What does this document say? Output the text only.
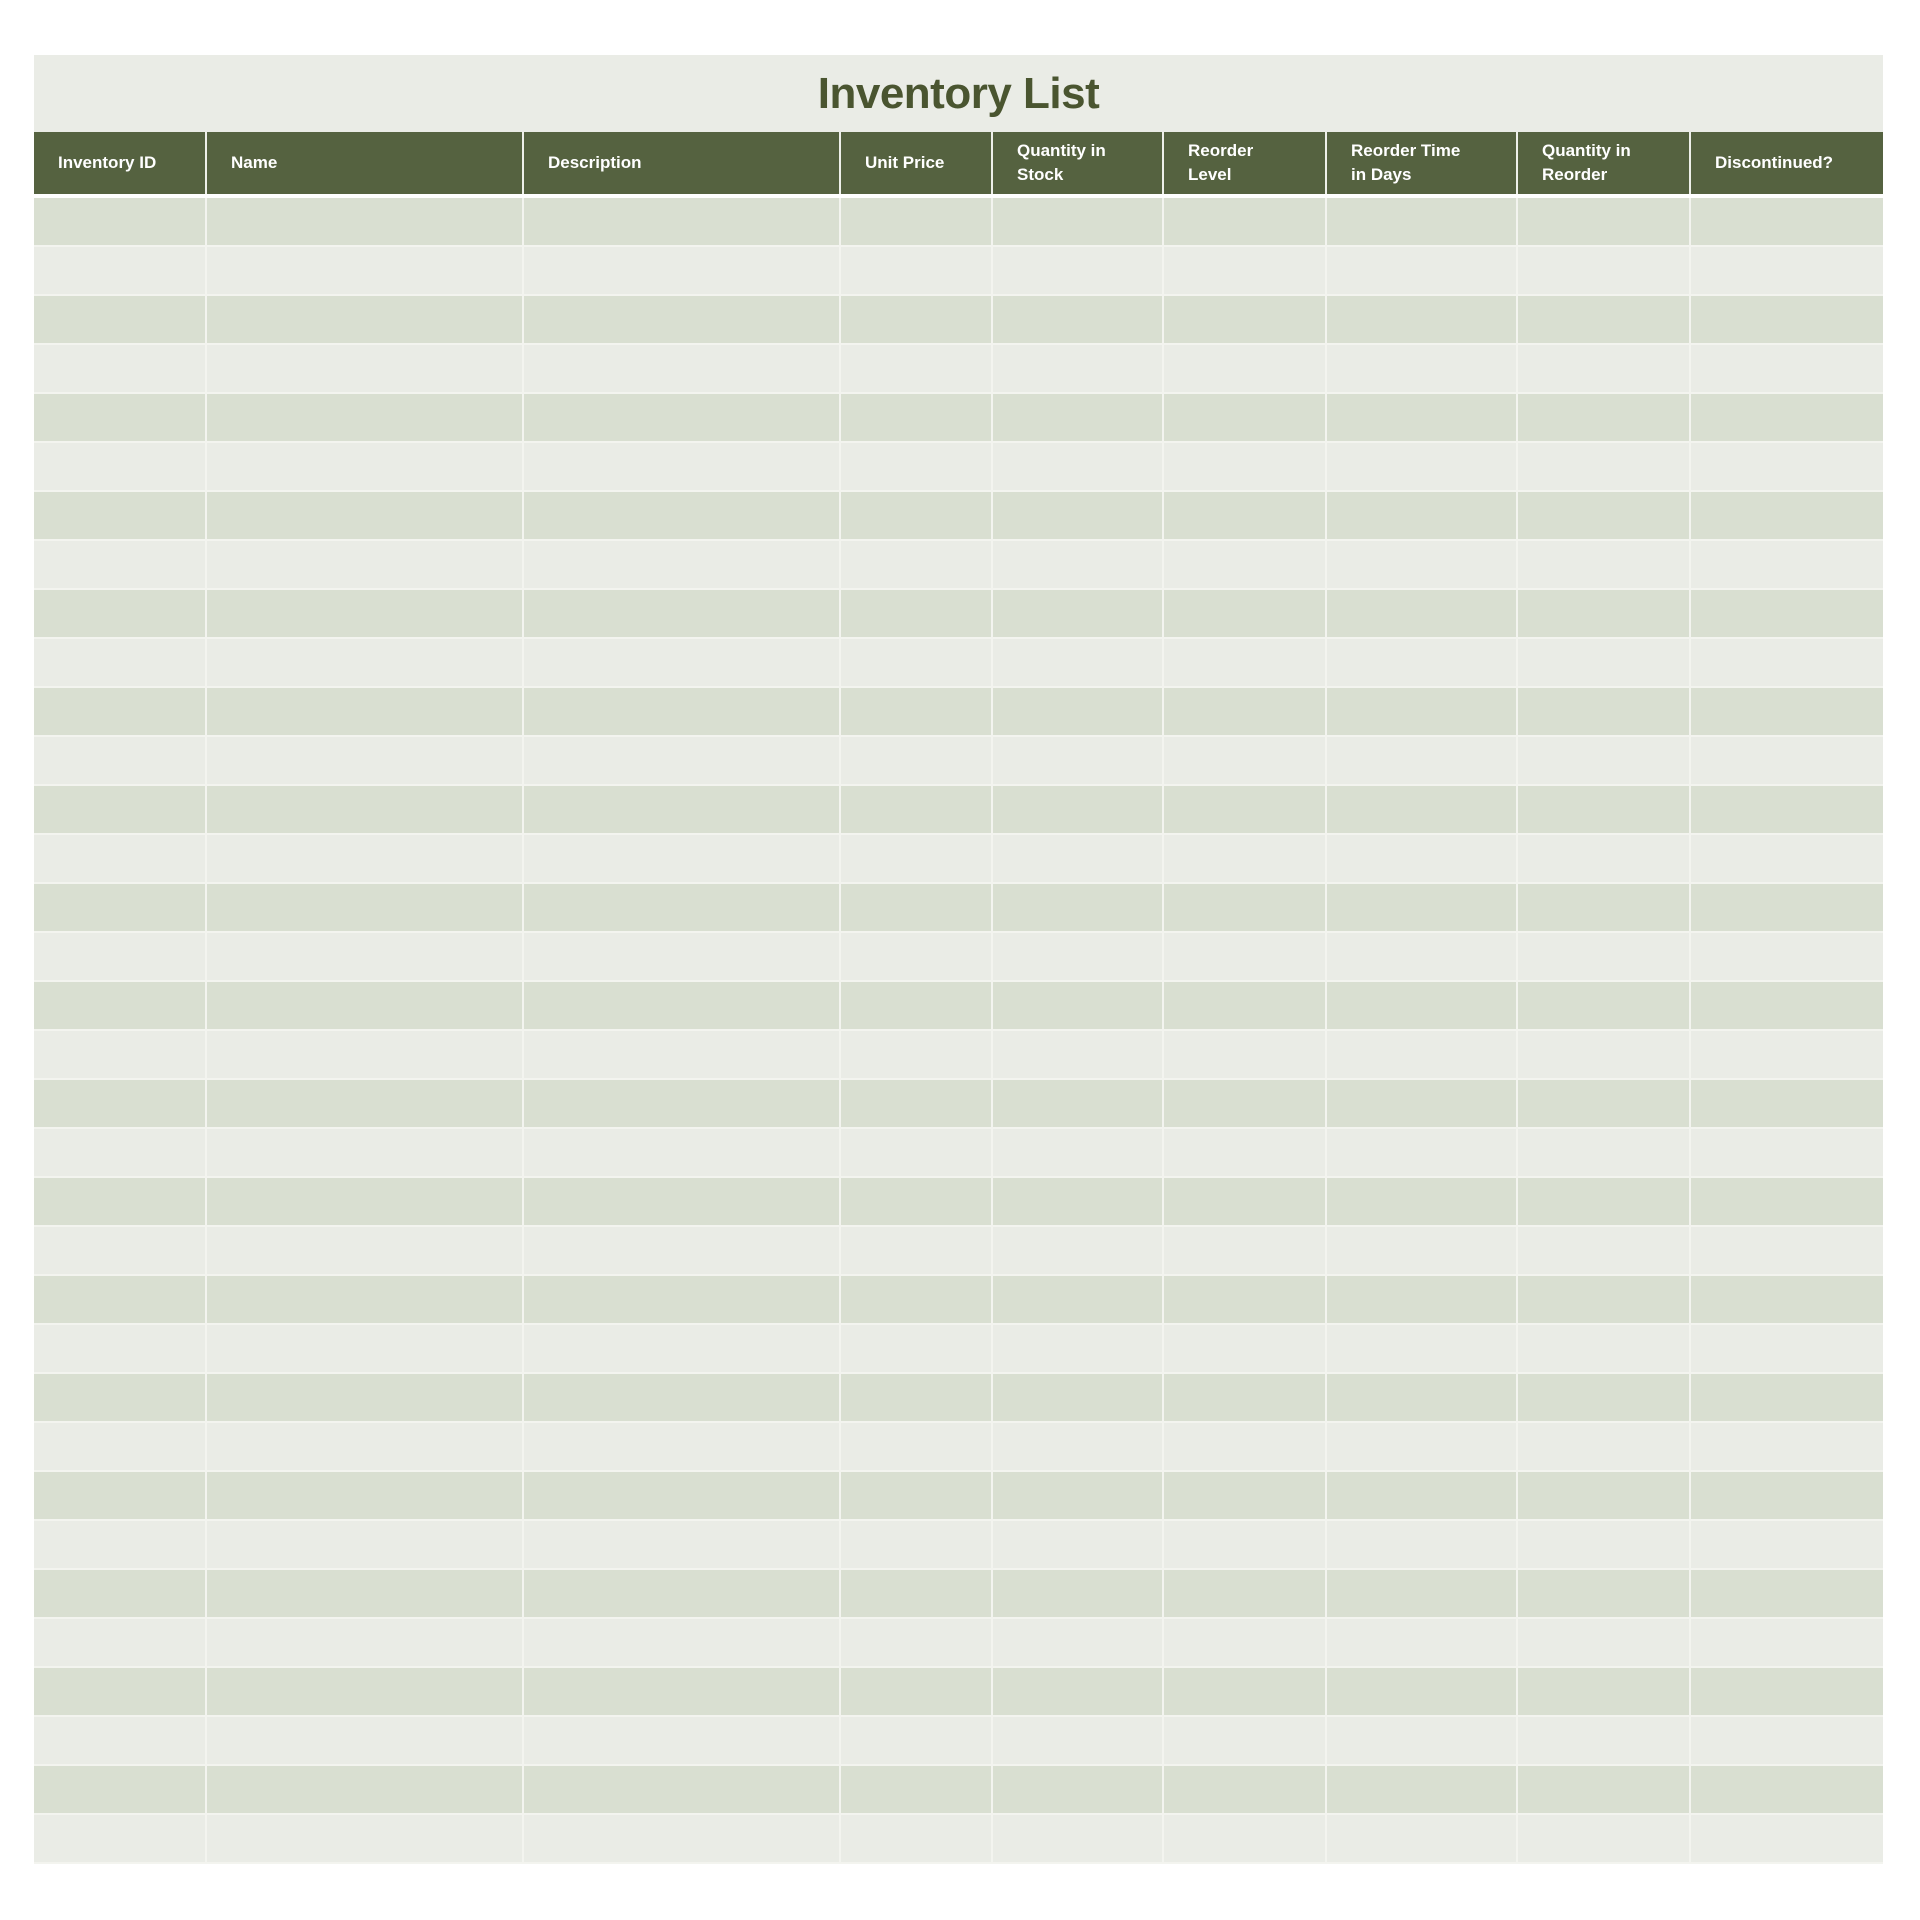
Inventory List
Inventory ID	Name	Description	Unit Price	Quantity in Stock	Reorder Level	Reorder Time in Days	Quantity in Reorder	Discontinued?
